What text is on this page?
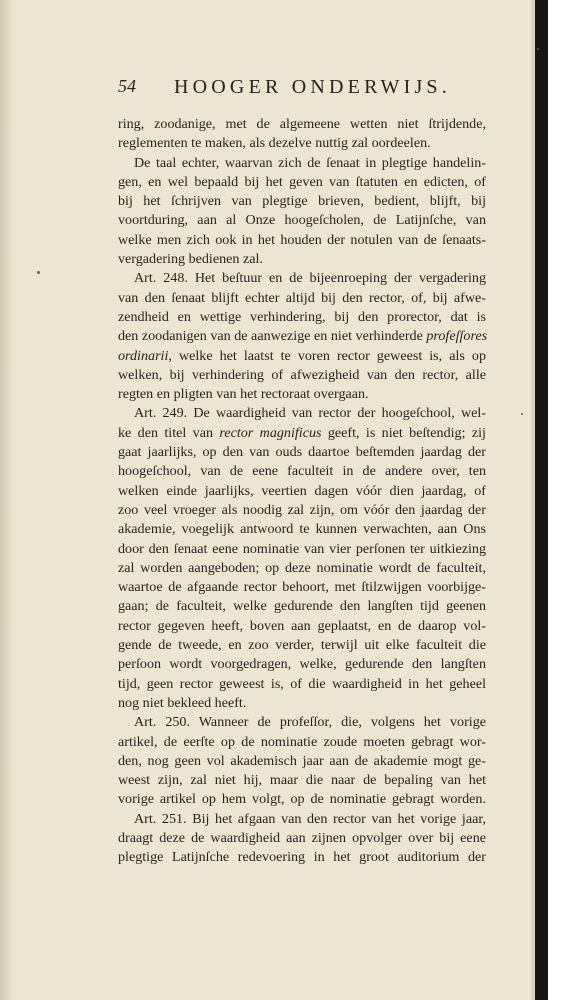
54 HOOGER ONDERWIJS.
ring, zoodanige, met de algemeene wetten niet ſtrijdende,
reglementen te maken, als dezelve nuttig zal oordeelen.
De taal echter, waarvan zich de ſenaat in plegtige handelin-
gen, en wel bepaald bij het geven van ſtatuten en edicten, of
bij het ſchrijven van plegtige brieven, bedient, blijft, bij
voortduring, aan al Onze hoogeſcholen, de Latijnſche, van
welke men zich ook in het houden der notulen van de ſenaats-
vergadering bedienen zal.
Art. 248. Het beſtuur en de bijeenroeping der vergadering
van den ſenaat blijft echter altijd bij den rector, of, bij afwe-
zendheid en wettige verhindering, bij den prorector, dat is
den zoodanigen van de aanwezige en niet verhinderde profeſſores
ordinarii, welke het laatst te voren rector geweest is, als op
welken, bij verhindering of afwezigheid van den rector, alle
regten en pligten van het rectoraat overgaan.
Art. 249. De waardigheid van rector der hoogeſchool, wel-
ke den titel van rector magnificus geeft, is niet beſtendig; zij
gaat jaarlijks, op den van ouds daartoe beſtemden jaardag der
hoogeſchool, van de eene faculteit in de andere over, ten
welken einde jaarlijks, veertien dagen vóór dien jaardag, of
zoo veel vroeger als noodig zal zijn, om vóór den jaardag der
akademie, voegelijk antwoord te kunnen verwachten, aan Ons
door den ſenaat eene nominatie van vier perſonen ter uitkiezing
zal worden aangeboden; op deze nominatie wordt de faculteit,
waartoe de afgaande rector behoort, met ſtilzwijgen voorbijge-
gaan; de faculteit, welke gedurende den langſten tijd geenen
rector gegeven heeft, boven aan geplaatst, en de daarop vol-
gende de tweede, en zoo verder, terwijl uit elke faculteit die
perſoon wordt voorgedragen, welke, gedurende den langſten
tijd, geen rector geweest is, of die waardigheid in het geheel
nog niet bekleed heeft.
Art. 250. Wanneer de profeſſor, die, volgens het vorige
artikel, de eerſte op de nominatie zoude moeten gebragt wor-
den, nog geen vol akademisch jaar aan de akademie mogt ge-
weest zijn, zal niet hij, maar die naar de bepaling van het
vorige artikel op hem volgt, op de nominatie gebragt worden.
Art. 251. Bij het afgaan van den rector van het vorige jaar,
draagt deze de waardigheid aan zijnen opvolger over bij eene
plegtige Latijnſche redevoering in het groot auditorium der
